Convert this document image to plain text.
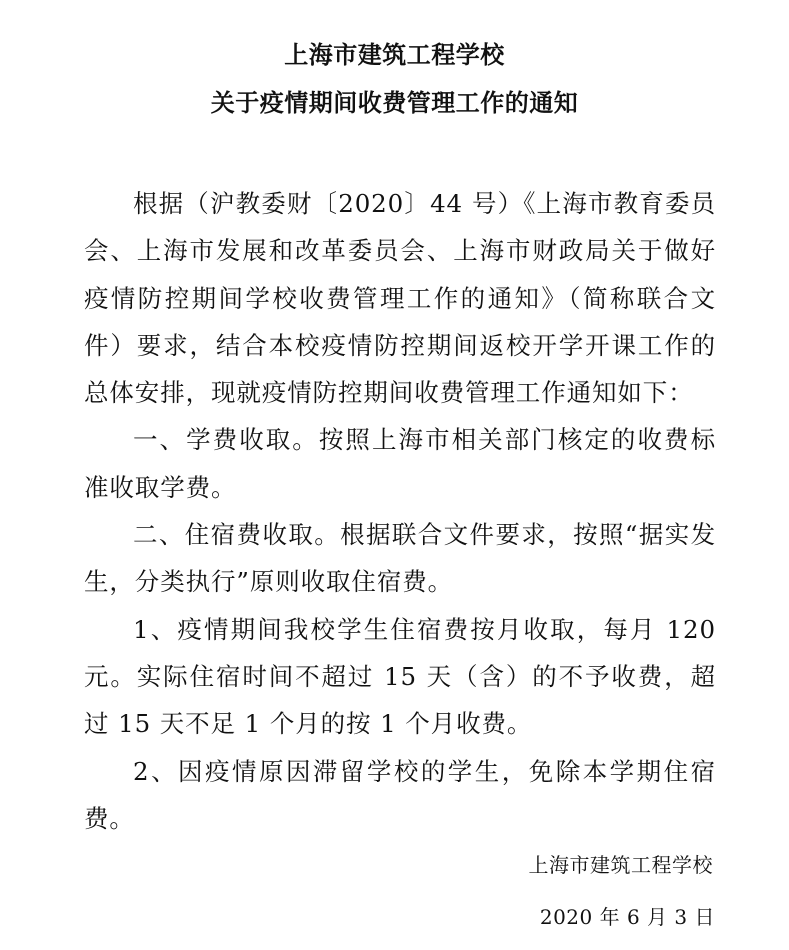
上海市建筑工程学校
关于疫情期间收费管理工作的通知

根据（沪教委财〔2020〕44 号）《上海市教育委员会、上海市发展和改革委员会、上海市财政局关于做好疫情防控期间学校收费管理工作的通知》（简称联合文件）要求，结合本校疫情防控期间返校开学开课工作的总体安排，现就疫情防控期间收费管理工作通知如下：

一、学费收取。按照上海市相关部门核定的收费标准收取学费。

二、住宿费收取。根据联合文件要求，按照“据实发生，分类执行”原则收取住宿费。

1、疫情期间我校学生住宿费按月收取，每月 120 元。实际住宿时间不超过 15 天（含）的不予收费，超过 15 天不足 1 个月的按 1 个月收费。

2、因疫情原因滞留学校的学生，免除本学期住宿费。

上海市建筑工程学校
2020 年 6 月 3 日
